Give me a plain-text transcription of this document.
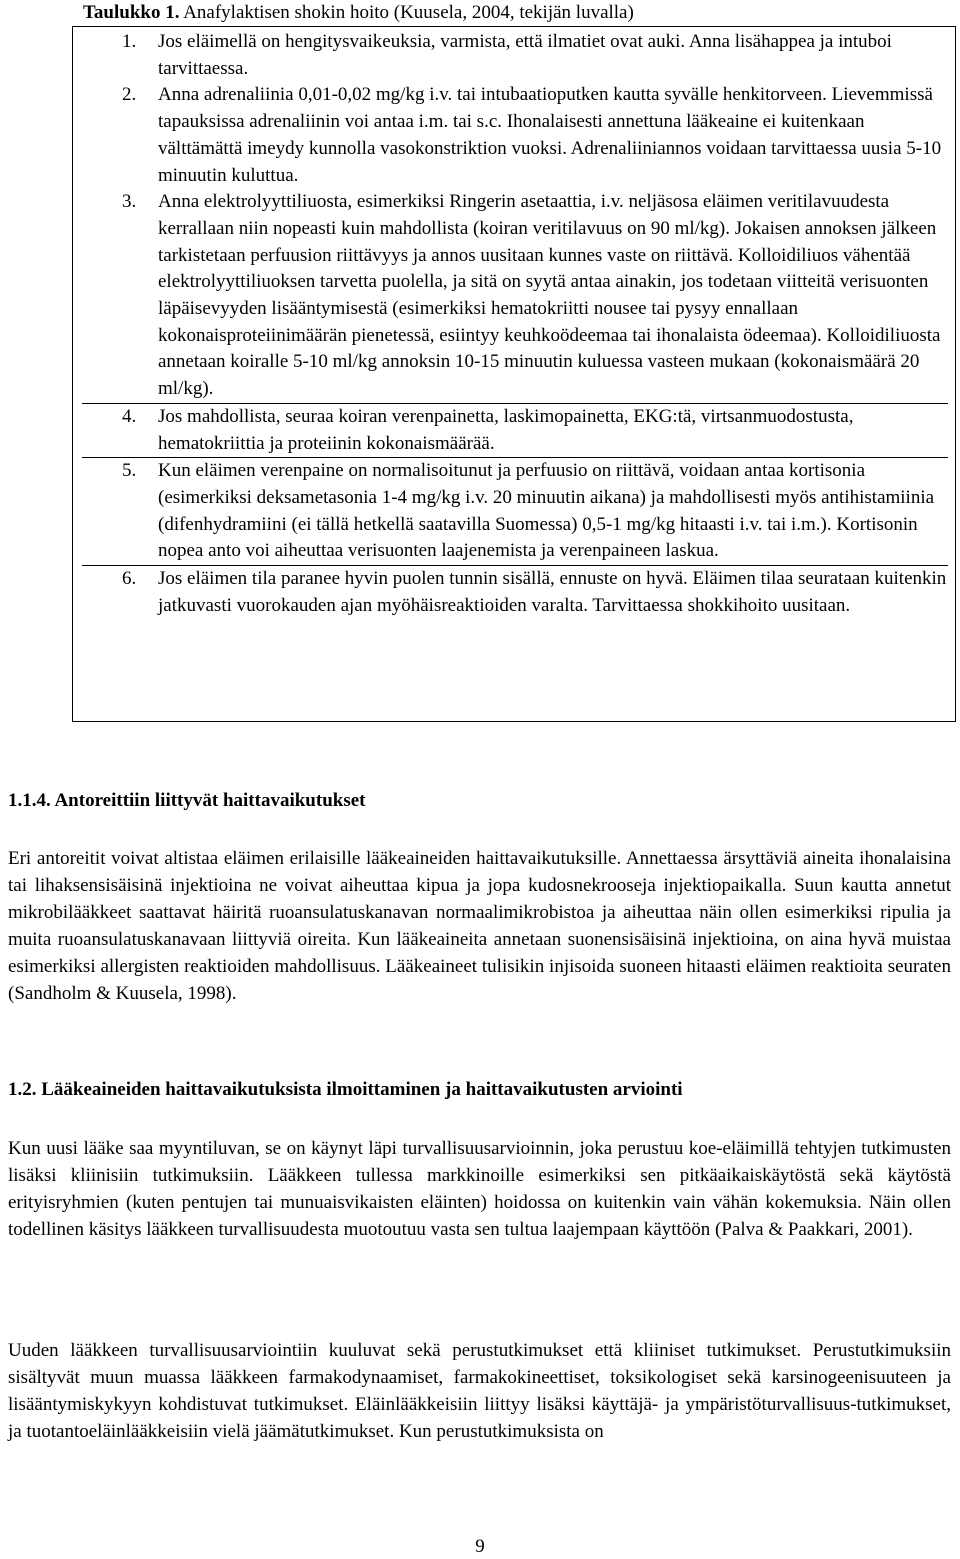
Taulukko 1. Anafylaktisen shokin hoito (Kuusela, 2004, tekijän luvalla)
1. Jos eläimellä on hengitysvaikeuksia, varmista, että ilmatiet ovat auki. Anna lisähappea ja intuboi tarvittaessa.
2. Anna adrenaliinia 0,01-0,02 mg/kg i.v. tai intubaatioputken kautta syvälle henkitorveen. Lievemmissä tapauksissa adrenaliinin voi antaa i.m. tai s.c. Ihonalaisesti annettuna lääkeaine ei kuitenkaan välttämättä imeydy kunnolla vasokonstriktion vuoksi. Adrenaliiniannos voidaan tarvittaessa uusia 5-10 minuutin kuluttua.
3. Anna elektrolyyttiliuosta, esimerkiksi Ringerin asetaattia, i.v. neljäsosa eläimen veritilavuudesta kerrallaan niin nopeasti kuin mahdollista (koiran veritilavuus on 90 ml/kg). Jokaisen annoksen jälkeen tarkistetaan perfuusion riittävyys ja annos uusitaan kunnes vaste on riittävä. Kolloidiliuos vähentää elektrolyyttiliuoksen tarvetta puolella, ja sitä on syytä antaa ainakin, jos todetaan viitteitä verisuonten läpäisevyyden lisääntymisestä (esimerkiksi hematokriitti nousee tai pysyy ennallaan kokonaisproteiinimäärän pienetessä, esiintyy keuhkoödeemaa tai ihonalaista ödeemaa). Kolloidiliuosta annetaan koiralle 5-10 ml/kg annoksin 10-15 minuutin kuluessa vasteen mukaan (kokonaismäärä 20 ml/kg).
4. Jos mahdollista, seuraa koiran verenpainetta, laskimopainetta, EKG:tä, virtsanmuodostusta, hematokriittia ja proteiinin kokonaismäärää.
5. Kun eläimen verenpaine on normalisoitunut ja perfuusio on riittävä, voidaan antaa kortisonia (esimerkiksi deksametasonia 1-4 mg/kg i.v. 20 minuutin aikana) ja mahdollisesti myös antihistamiinia (difenhydramiini (ei tällä hetkellä saatavilla Suomessa) 0,5-1 mg/kg hitaasti i.v. tai i.m.). Kortisonin nopea anto voi aiheuttaa verisuonten laajenemista ja verenpaineen laskua.
6. Jos eläimen tila paranee hyvin puolen tunnin sisällä, ennuste on hyvä. Eläimen tilaa seurataan kuitenkin jatkuvasti vuorokauden ajan myöhäisreaktioiden varalta. Tarvittaessa shokkihoito uusitaan.
1.1.4. Antoreittiin liittyvät haittavaikutukset

Eri antoreitit voivat altistaa eläimen erilaisille lääkeaineiden haittavaikutuksille. Annettaessa ärsyttäviä aineita ihonalaisina tai lihaksensisäisinä injektioina ne voivat aiheuttaa kipua ja jopa kudosnekrooseja injektiopaikalla. Suun kautta annetut mikrobilääkkeet saattavat häiritä ruoansulatuskanavan normaalimikrobistoa ja aiheuttaa näin ollen esimerkiksi ripulia ja muita ruoansulatuskanavaan liittyviä oireita. Kun lääkeaineita annetaan suonensisäisinä injektioina, on aina hyvä muistaa esimerkiksi allergisten reaktioiden mahdollisuus. Lääkeaineet tulisikin injisoida suoneen hitaasti eläimen reaktioita seuraten (Sandholm & Kuusela, 1998).

1.2. Lääkeaineiden haittavaikutuksista ilmoittaminen ja haittavaikutusten arviointi

Kun uusi lääke saa myyntiluvan, se on käynyt läpi turvallisuusarvioinnin, joka perustuu koe-eläimillä tehtyjen tutkimusten lisäksi kliinisiin tutkimuksiin. Lääkkeen tullessa markkinoille esimerkiksi sen pitkäaikaiskäytöstä sekä käytöstä erityisryhmien (kuten pentujen tai munuaisvikaisten eläinten) hoidossa on kuitenkin vain vähän kokemuksia. Näin ollen todellinen käsitys lääkkeen turvallisuudesta muotoutuu vasta sen tultua laajempaan käyttöön (Palva & Paakkari, 2001).

Uuden lääkkeen turvallisuusarviointiin kuuluvat sekä perustutkimukset että kliiniset tutkimukset. Perustutkimuksiin sisältyvät muun muassa lääkkeen farmakodynaamiset, farmakokineettiset, toksikologiset sekä karsinogeenisuuteen ja lisääntymiskykyyn kohdistuvat tutkimukset. Eläinlääkkeisiin liittyy lisäksi käyttäjä- ja ympäristöturvallisuus-tutkimukset, ja tuotantoeläinlääkkeisiin vielä jäämätutkimukset. Kun perustutkimuksista on

9
